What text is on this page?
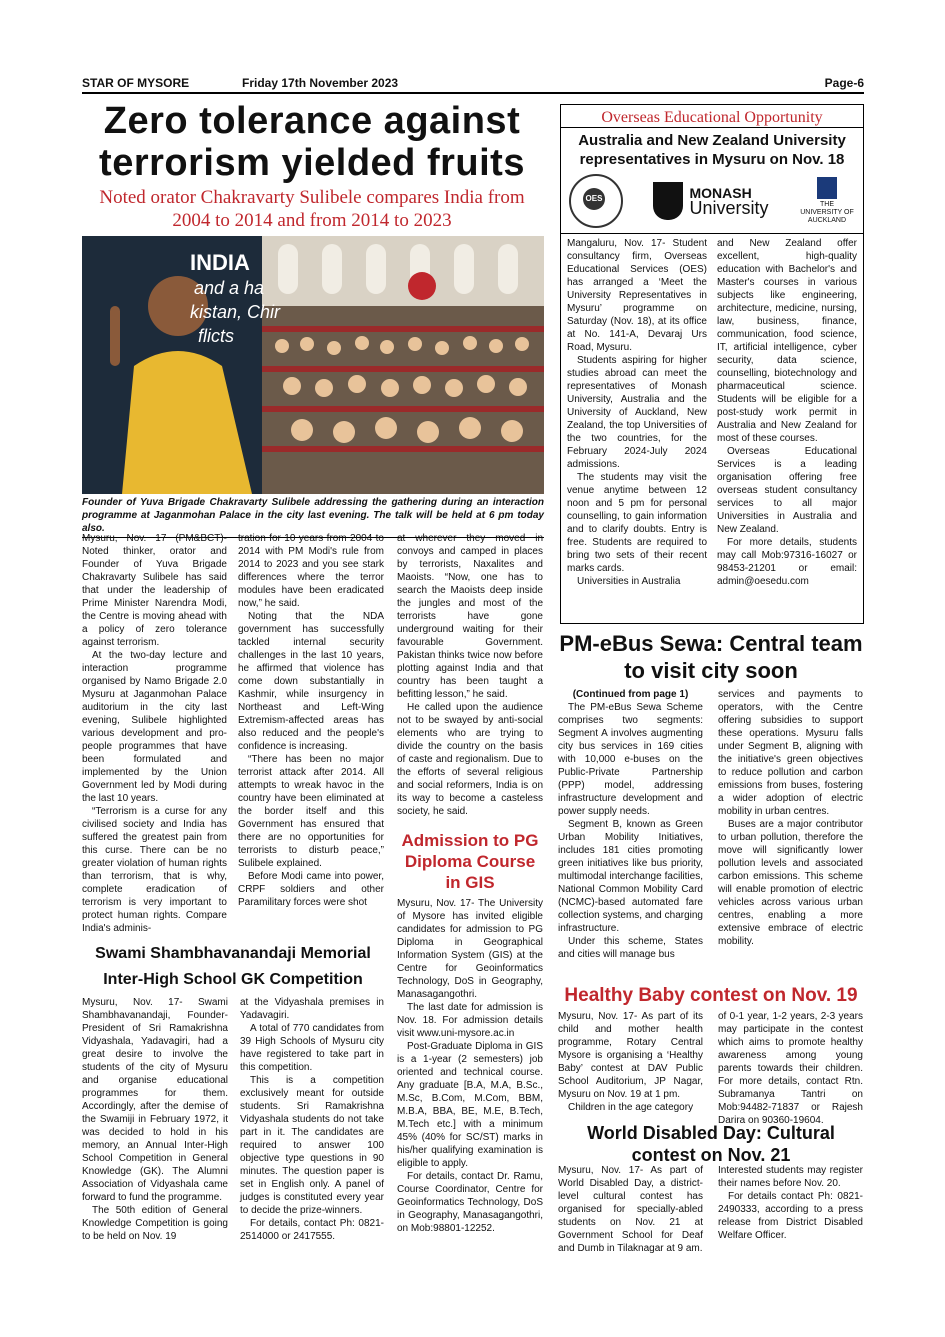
STAR OF MYSORE	Friday 17th November 2023	Page-6
Zero tolerance against terrorism yielded fruits
Noted orator Chakravarty Sulibele compares India from 2004 to 2014 and from 2014 to 2023
INDIA
and a ha
kistan, Chir
flicts
Founder of Yuva Brigade Chakravarty Sulibele addressing the gathering during an interaction programme at Jaganmohan Palace in the city last evening. The talk will be held at 6 pm today also.

Mysuru, Nov. 17 (PM&BCT)- Noted thinker, orator and Founder of Yuva Brigade Chakravarty Sulibele has said that under the leadership of Prime Minister Narendra Modi, the Centre is moving ahead with a policy of zero tolerance against terrorism.

At the two-day lecture and interaction programme organised by Namo Brigade 2.0 Mysuru at Jaganmohan Palace auditorium in the city last evening, Sulibele highlighted various development and pro-people programmes that have been formulated and implemented by the Union Government led by Modi during the last 10 years.

“Terrorism is a curse for any civilised society and India has suffered the greatest pain from this curse. There can be no greater violation of human rights than terrorism, that is why, complete eradication of terrorism is very important to protect human rights. Compare India's adminis-

tration for 10 years from 2004 to 2014 with PM Modi's rule from 2014 to 2023 and you see stark differences where the terror modules have been eradicated now,” he said.

Noting that the NDA government has successfully tackled internal security challenges in the last 10 years, he affirmed that violence has come down substantially in Kashmir, while insurgency in Northeast and Left-Wing Extremism-affected areas has also reduced and the people's confidence is increasing.

“There has been no major terrorist attack after 2014. All attempts to wreak havoc in the country have been eliminated at the border itself and this Government has ensured that there are no opportunities for terrorists to disturb peace,” Sulibele explained.

Before Modi came into power, CRPF soldiers and other Paramilitary forces were shot

at wherever they moved in convoys and camped in places by terrorists, Naxalites and Maoists. “Now, one has to search the Maoists deep inside the jungles and most of the terrorists have gone underground waiting for their favourable Government. Pakistan thinks twice now before plotting against India and that country has been taught a befitting lesson,” he said.

He called upon the audience not to be swayed by anti-social elements who are trying to divide the country on the basis of caste and regionalism. Due to the efforts of several religious and social reformers, India is on its way to become a casteless society, he said.

Admission to PG Diploma Course in GIS

Mysuru, Nov. 17- The University of Mysore has invited eligible candidates for admission to PG Diploma in Geographical Information System (GIS) at the Centre for Geoinformatics Technology, DoS in Geography, Manasagangothri.

The last date for admission is Nov. 18. For admission details visit www.uni-mysore.ac.in

Post-Graduate Diploma in GIS is a 1-year (2 semesters) job oriented and technical course. Any graduate [B.A, M.A, B.Sc., M.Sc, B.Com, M.Com, BBM, M.B.A, BBA, BE, M.E, B.Tech, M.Tech etc.] with a minimum 45% (40% for SC/ST) marks in his/her qualifying examination is eligible to apply.

For details, contact Dr. Ramu, Course Coordinator, Centre for Geoinformatics Technology, DoS in Geography, Manasagangothri, on Mob:98801-12252.

Swami Shambhavanandaji Memorial
Inter-High School GK Competition

Mysuru, Nov. 17- Swami Shambhavanandaji, Founder-President of Sri Ramakrishna Vidyashala, Yadavagiri, had a great desire to involve the students of the city of Mysuru and organise educational programmes for them. Accordingly, after the demise of the Swamiji in February 1972, it was decided to hold in his memory, an Annual Inter-High School Competition in General Knowledge (GK). The Alumni Association of Vidyashala came forward to fund the programme.

The 50th edition of General Knowledge Competition is going to be held on Nov. 19

at the Vidyashala premises in Yadavagiri.

A total of 770 candidates from 39 High Schools of Mysuru city have registered to take part in this competition.

This is a competition exclusively meant for outside students. Sri Ramakrishna Vidyashala students do not take part in it. The candidates are required to answer 100 objective type questions in 90 minutes. The question paper is set in English only. A panel of judges is constituted every year to decide the prize-winners.

For details, contact Ph: 0821-2514000 or 2417555.

Overseas Educational Opportunity
Australia and New Zealand University representatives in Mysuru on Nov. 18
OES	MONASH
University	THE UNIVERSITY OF AUCKLAND

Mangaluru, Nov. 17- Student consultancy firm, Overseas Educational Services (OES) has arranged a ‘Meet the University Representatives in Mysuru’ programme on Saturday (Nov. 18), at its office at No. 141-A, Devaraj Urs Road, Mysuru.

Students aspiring for higher studies abroad can meet the representatives of Monash University, Australia and the University of Auckland, New Zealand, the top Universities of the two countries, for the February 2024-July 2024 admissions.

The students may visit the venue anytime between 12 noon and 5 pm for personal counselling, to gain information and to clarify doubts. Entry is free. Students are required to bring two sets of their recent marks cards.

Universities in Australia

and New Zealand offer excellent, high-quality education with Bachelor's and Master's courses in various subjects like engineering, architecture, medicine, nursing, law, business, finance, communication, food science, IT, artificial intelligence, cyber security, data science, counselling, biotechnology and pharmaceutical science. Students will be eligible for a post-study work permit in Australia and New Zealand for most of these courses.

Overseas Educational Services is a leading organisation offering free overseas student consultancy services to all major Universities in Australia and New Zealand.

For more details, students may call Mob:97316-16027 or 98453-21201 or email: admin@oesedu.com

PM-eBus Sewa: Central team to visit city soon
(Continued from page 1)

The PM-eBus Sewa Scheme comprises two segments: Segment A involves augmenting city bus services in 169 cities with 10,000 e-buses on the Public-Private Partnership (PPP) model, addressing infrastructure development and power supply needs.

Segment B, known as Green Urban Mobility Initiatives, includes 181 cities promoting green initiatives like bus priority, multimodal interchange facilities, National Common Mobility Card (NCMC)-based automated fare collection systems, and charging infrastructure.

Under this scheme, States and cities will manage bus

services and payments to operators, with the Centre offering subsidies to support these operations. Mysuru falls under Segment B, aligning with the initiative's green objectives to reduce pollution and carbon emissions from buses, fostering a wider adoption of electric mobility in urban centres.

Buses are a major contributor to urban pollution, therefore the move will significantly lower pollution levels and associated carbon emissions. This scheme will enable promotion of electric vehicles across various urban centres, enabling a more extensive embrace of electric mobility.

Healthy Baby contest on Nov. 19

Mysuru, Nov. 17- As part of its child and mother health programme, Rotary Central Mysore is organising a ‘Healthy Baby’ contest at DAV Public School Auditorium, JP Nagar, Mysuru on Nov. 19 at 1 pm.

Children in the age category

of 0-1 year, 1-2 years, 2-3 years may participate in the contest which aims to promote healthy awareness among young parents towards their children. For more details, contact Rtn. Subramanya Tantri on Mob:94482-71837 or Rajesh Darira on 90360-19604.

World Disabled Day: Cultural contest on Nov. 21

Mysuru, Nov. 17- As part of World Disabled Day, a district-level cultural contest has organised for specially-abled students on Nov. 21 at Government School for Deaf and Dumb in Tilaknagar at 9 am.

Interested students may register their names before Nov. 20.

For details contact Ph: 0821-2490333, according to a press release from District Disabled Welfare Officer.
